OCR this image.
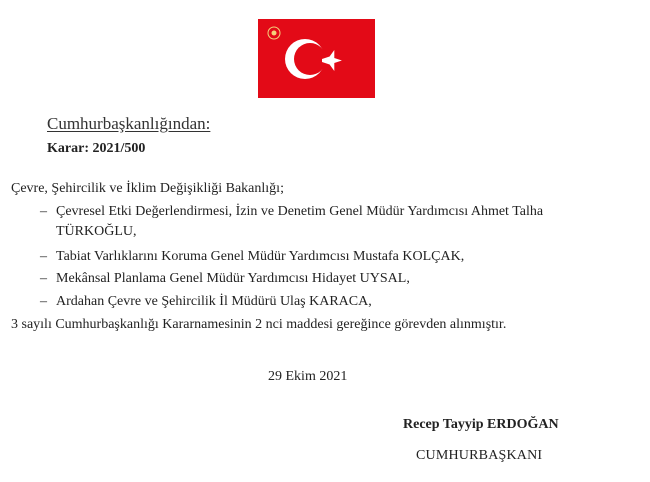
Cumhurbaşkanlığından:
Karar: 2021/500
Çevre, Şehircilik ve İklim Değişikliği Bakanlığı;
– Çevresel Etki Değerlendirmesi, İzin ve Denetim Genel Müdür Yardımcısı Ahmet Talha
TÜRKOĞLU,
– Tabiat Varlıklarını Koruma Genel Müdür Yardımcısı Mustafa KOLÇAK,
– Mekânsal Planlama Genel Müdür Yardımcısı Hidayet UYSAL,
– Ardahan Çevre ve Şehircilik İl Müdürü Ulaş KARACA,
3 sayılı Cumhurbaşkanlığı Kararnamesinin 2 nci maddesi gereğince görevden alınmıştır.
29 Ekim 2021
Recep Tayyip ERDOĞAN
CUMHURBAŞKANI
